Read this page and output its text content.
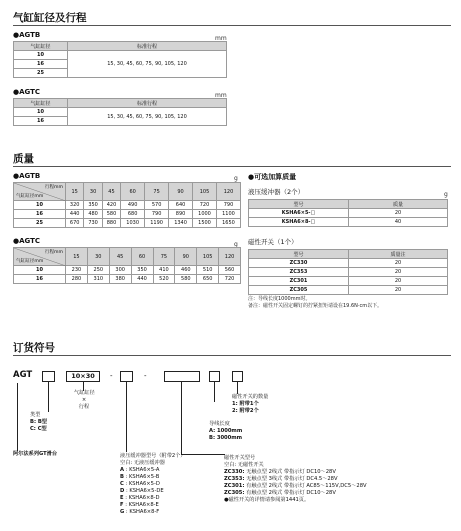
气缸缸径及行程
●AGTB	mm
气缸缸径	标准行程
10	15, 30, 45, 60, 75, 90, 105, 120
16	
25	
●AGTC	mm
气缸缸径	标准行程
10	15, 30, 45, 60, 75, 90, 105, 120
16	
质量
●AGTB	g
行程mm
气缸缸径mm	15	30	45	60	75	90	105	120
10	320	350	420	490	570	640	720	790
16	440	480	580	680	790	890	1000	1100
25	670	730	880	1030	1190	1340	1500	1650
●AGTC	g
行程mm
气缸缸径mm	15	30	45	60	75	90	105	120
10	230	250	300	350	410	460	510	560
16	280	310	380	440	520	580	650	720
●可选加算质量
g
液压缓冲器（2个）
型号	质量
KSHA6×5-□	20
KSHA6×8-□	40
磁性开关（1个）
型号	质量注
ZC330	20
ZC353	20
ZC301	20
ZC305	20
注：导线长度1000mm时。
备注：磁性开关固定螺钉的拧紧扭矩请设在19.6N·cm以下。
订货符号
AGT	10×30	-	-
气缸缸径
×
行程
类型
B: B型
C: C型
阿尔法系列GT滑台	液压缓冲器型号（附带2个）
空白: 无液压缓冲器
A : KSHA6×5-A
B : KSHA6×5-B
C : KSHA6×5-D
D : KSHA6×5-DE
E : KSHA6×8-D
F : KSHA6×8-E
G : KSHA6×8-F
磁性开关型号
空白: 无磁性开关
ZC330: 无触点型 2线式 带指示灯 DC10～28V
ZC353: 无触点型 3线式 带指示灯 DC4.5～28V
ZC301: 有触点型 2线式 带指示灯 AC85～115V,DC5～28V
ZC305: 有触点型 2线式 带指示灯 DC10～28V
●磁性开关的详情请参阅第1441页。
导线长度
A: 1000mm
B: 3000mm
磁性开关的数量
1: 附带1个
2: 附带2个
